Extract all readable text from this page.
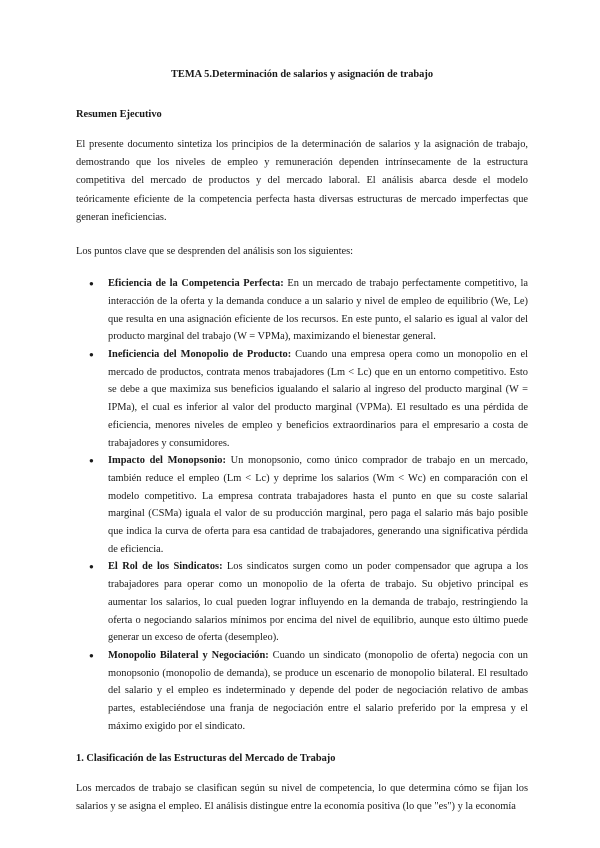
TEMA 5.Determinación de salarios y asignación de trabajo
Resumen Ejecutivo

El presente documento sintetiza los principios de la determinación de salarios y la asignación de trabajo, demostrando que los niveles de empleo y remuneración dependen intrínsecamente de la estructura competitiva del mercado de productos y del mercado laboral. El análisis abarca desde el modelo teóricamente eficiente de la competencia perfecta hasta diversas estructuras de mercado imperfectas que generan ineficiencias.

Los puntos clave que se desprenden del análisis son los siguientes:

●
Eficiencia de la Competencia Perfecta: En un mercado de trabajo perfectamente competitivo, la interacción de la oferta y la demanda conduce a un salario y nivel de empleo de equilibrio (We, Le) que resulta en una asignación eficiente de los recursos. En este punto, el salario es igual al valor del producto marginal del trabajo (W = VPMa), maximizando el bienestar general.
●
Ineficiencia del Monopolio de Producto: Cuando una empresa opera como un monopolio en el mercado de productos, contrata menos trabajadores (Lm < Lc) que en un entorno competitivo. Esto se debe a que maximiza sus beneficios igualando el salario al ingreso del producto marginal (W = IPMa), el cual es inferior al valor del producto marginal (VPMa). El resultado es una pérdida de eficiencia, menores niveles de empleo y beneficios extraordinarios para el empresario a costa de trabajadores y consumidores.
●
Impacto del Monopsonio: Un monopsonio, como único comprador de trabajo en un mercado, también reduce el empleo (Lm < Lc) y deprime los salarios (Wm < Wc) en comparación con el modelo competitivo. La empresa contrata trabajadores hasta el punto en que su coste salarial marginal (CSMa) iguala el valor de su producción marginal, pero paga el salario más bajo posible que indica la curva de oferta para esa cantidad de trabajadores, generando una significativa pérdida de eficiencia.
●
El Rol de los Sindicatos: Los sindicatos surgen como un poder compensador que agrupa a los trabajadores para operar como un monopolio de la oferta de trabajo. Su objetivo principal es aumentar los salarios, lo cual pueden lograr influyendo en la demanda de trabajo, restringiendo la oferta o negociando salarios mínimos por encima del nivel de equilibrio, aunque esto último puede generar un exceso de oferta (desempleo).
●
Monopolio Bilateral y Negociación: Cuando un sindicato (monopolio de oferta) negocia con un monopsonio (monopolio de demanda), se produce un escenario de monopolio bilateral. El resultado del salario y el empleo es indeterminado y depende del poder de negociación relativo de ambas partes, estableciéndose una franja de negociación entre el salario preferido por la empresa y el máximo exigido por el sindicato.
1. Clasificación de las Estructuras del Mercado de Trabajo

Los mercados de trabajo se clasifican según su nivel de competencia, lo que determina cómo se fijan los salarios y se asigna el empleo. El análisis distingue entre la economía positiva (lo que "es") y la economía
